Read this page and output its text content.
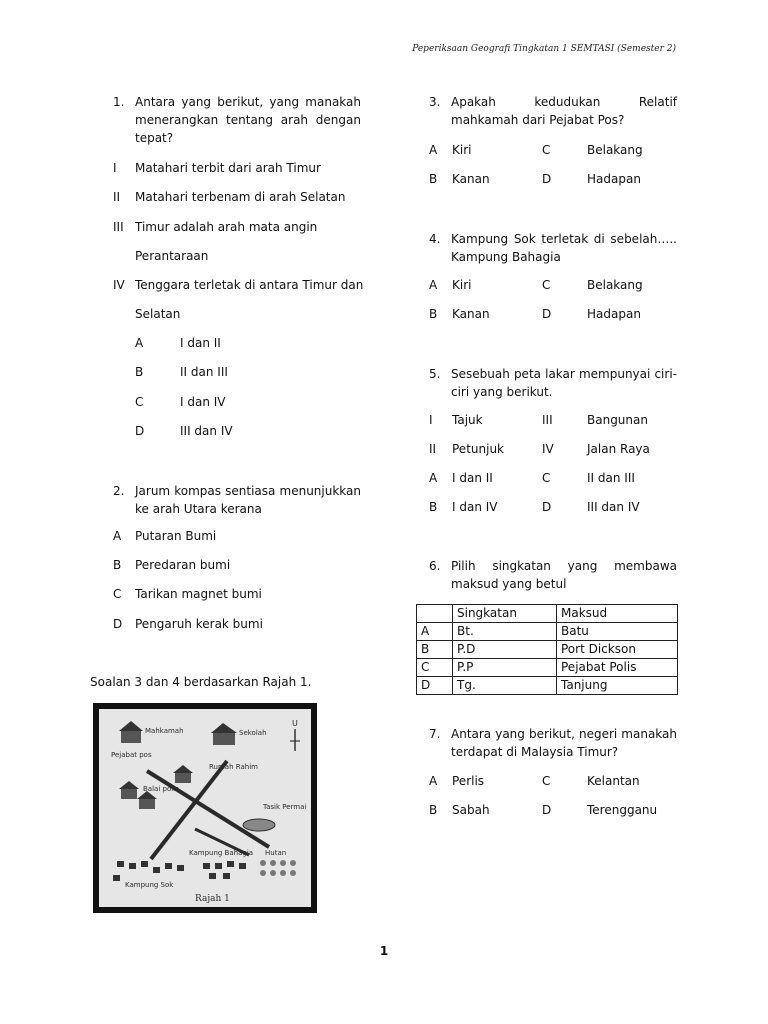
Peperiksaan Geografi Tingkatan 1 SEMTASI (Semester 2)
1. Antara yang berikut, yang manakah menerangkan tentang arah dengan tepat?
I Matahari terbit dari arah Timur
II Matahari terbenam di arah Selatan
III Timur adalah arah mata angin
Perantaraan
IV Tenggara terletak di antara Timur dan
Selatan
A	I dan II
B	II dan III
C	I dan IV
D	III dan IV
2. Jarum kompas sentiasa menunjukkan ke arah Utara kerana
A Putaran Bumi
B Peredaran bumi
C Tarikan magnet bumi
D Pengaruh kerak bumi
Soalan 3 dan 4 berdasarkan Rajah 1.
Mahkamah	Sekolah
U
Pejabat pos
Rumah Rahim
Balai polis
Tasik Permai
Kampung Bahagia Hutan
Kampung Sok
Rajah 1
3. Apakah kedudukan Relatif mahkamah dari Pejabat Pos?
A Kiri	C	Belakang
B Kanan	D	Hadapan
4. Kampung Sok terletak di sebelah….. Kampung Bahagia
A Kiri	C	Belakang
B Kanan	D	Hadapan
5. Sesebuah peta lakar mempunyai ciri-ciri yang berikut.
I Tajuk	III	Bangunan
II Petunjuk	IV	Jalan Raya
A I dan II	C	II dan III
B I dan IV	D	III dan IV
6. Pilih singkatan yang membawa maksud yang betul
	Singkatan	Maksud
A	Bt.	Batu
B	P.D	Port Dickson
C	P.P	Pejabat Polis
D	Tg.	Tanjung
7. Antara yang berikut, negeri manakah terdapat di Malaysia Timur?
A Perlis	C	Kelantan
B Sabah	D	Terengganu
1
